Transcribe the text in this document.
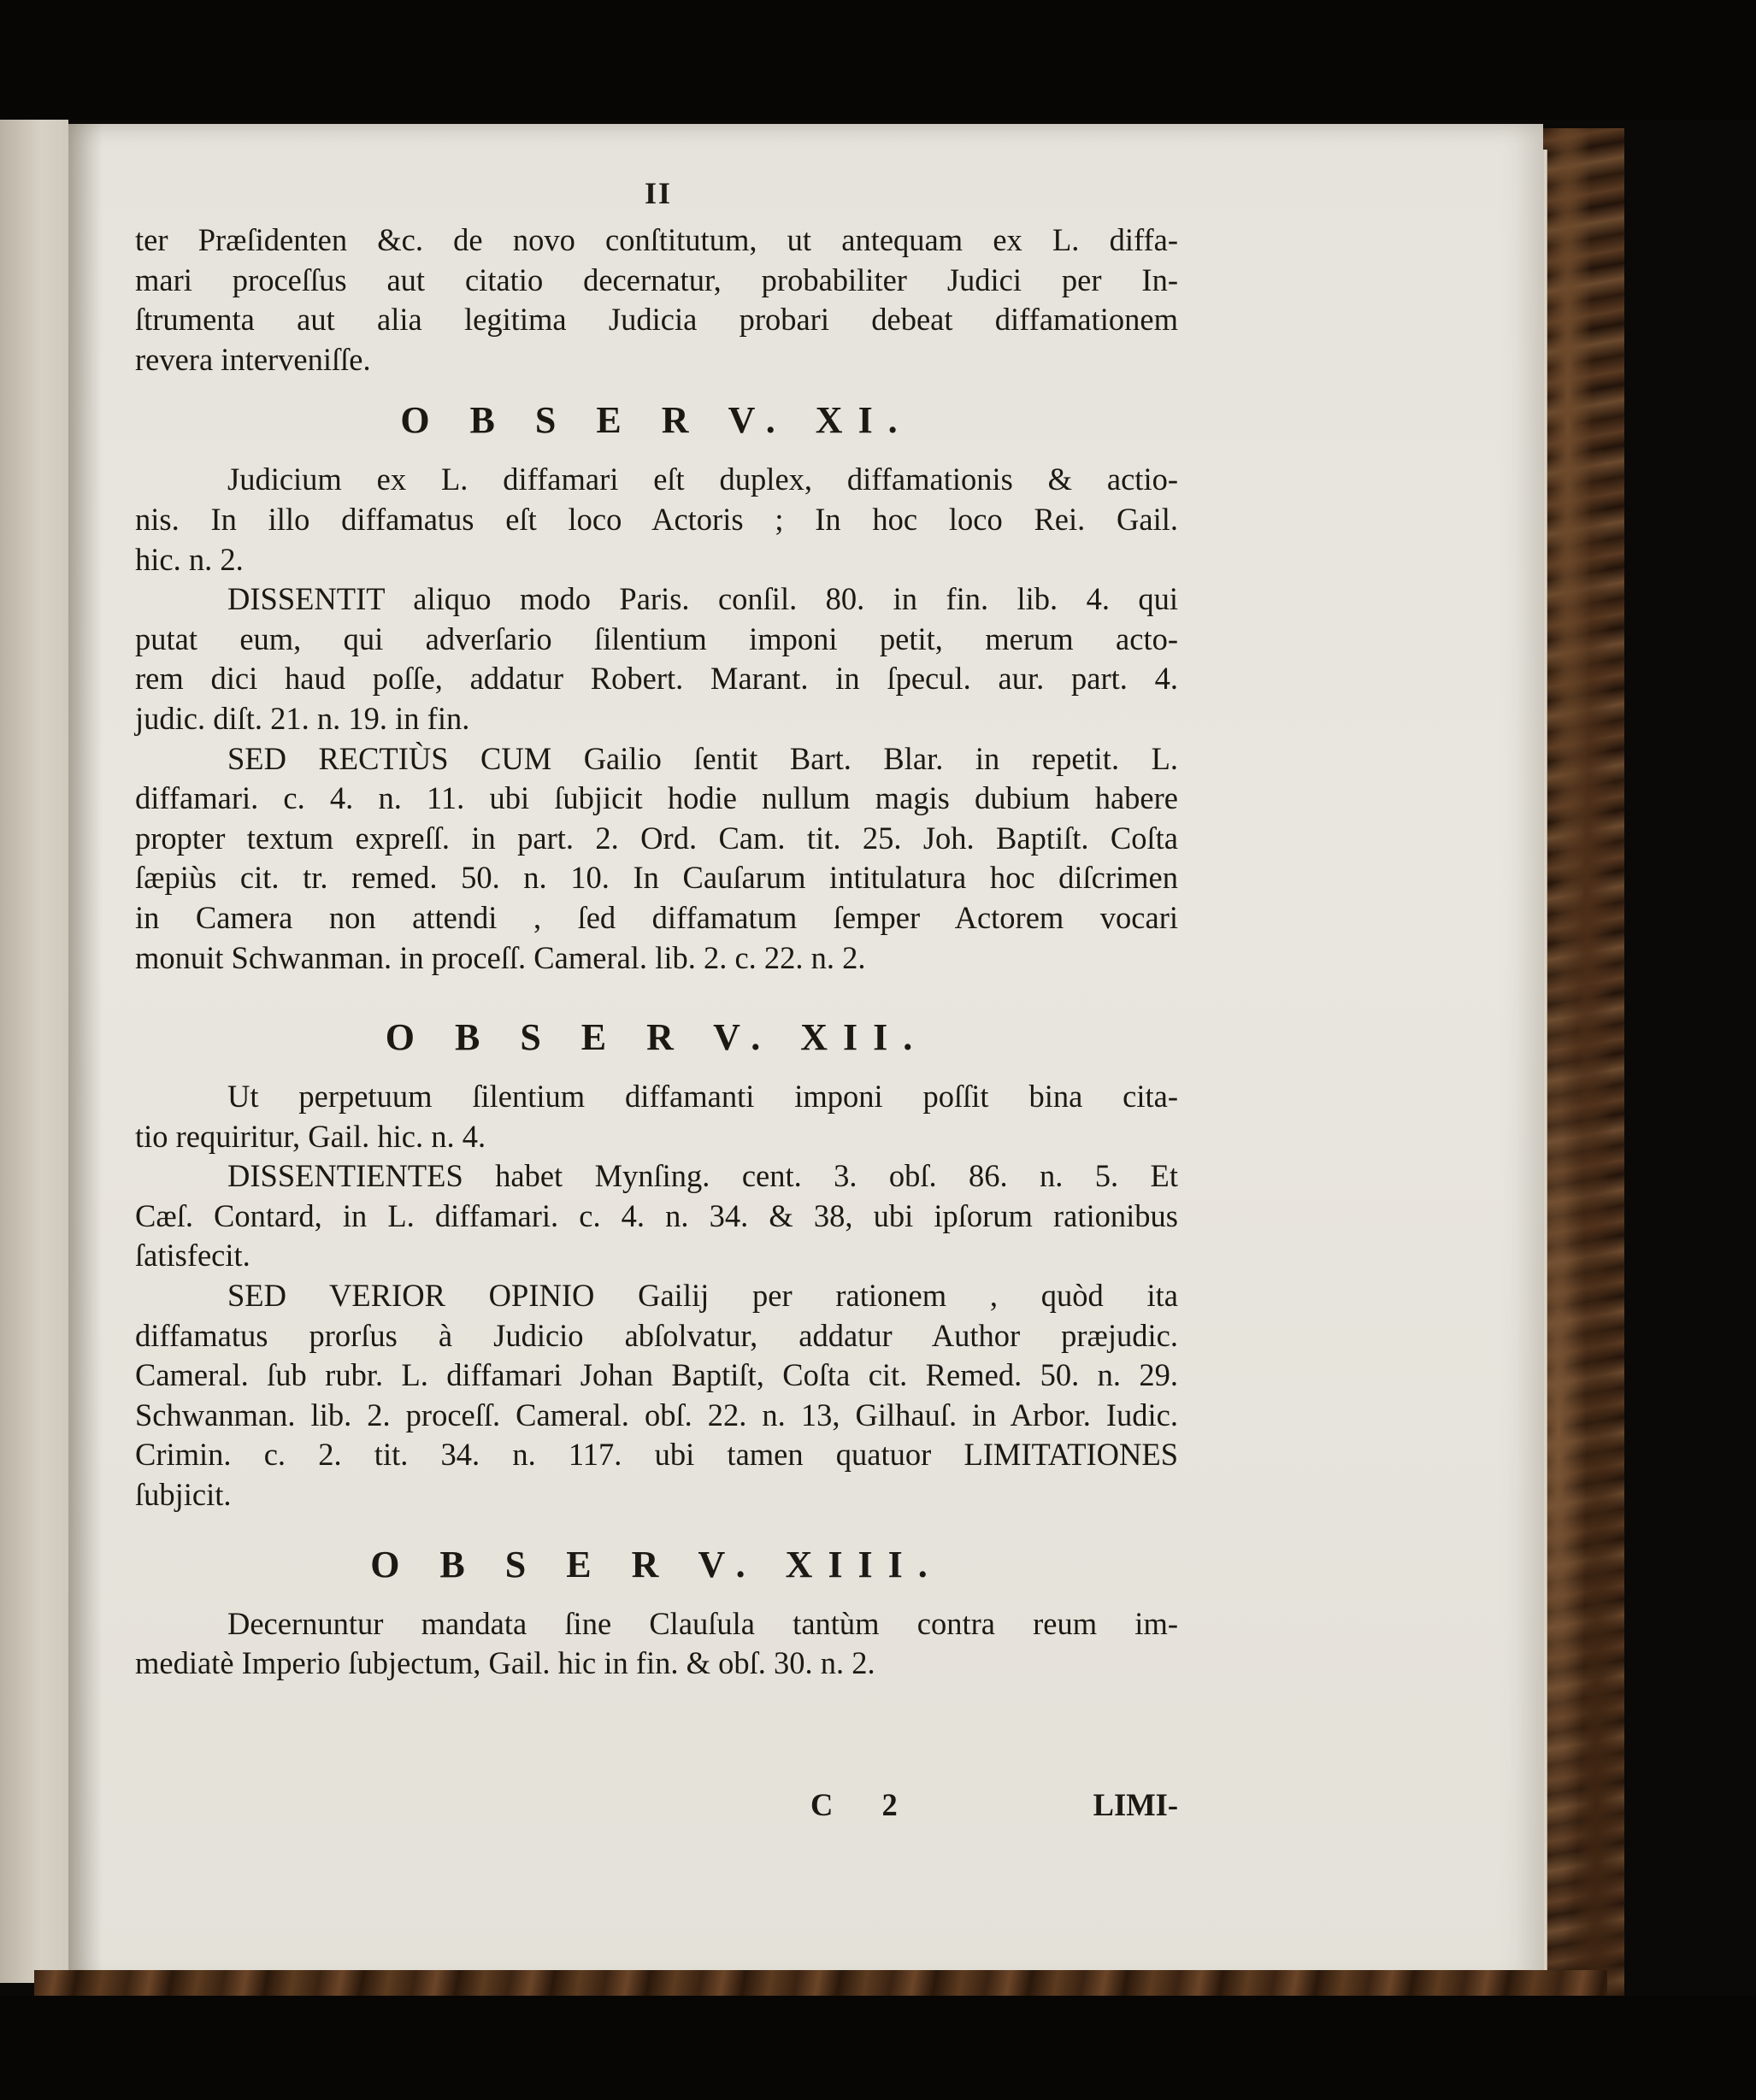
II
ter Præſidenten &c. de novo conſtitutum, ut antequam ex L. diffa-
mari proceſſus aut citatio decernatur, probabiliter Judici per In-
ſtrumenta aut alia legitima Judicia probari debeat diffamationem
revera interveniſſe.
O B S E R V. XI.
Judicium ex L. diffamari eſt duplex, diffamationis & actio-
nis. In illo diffamatus eſt loco Actoris ; In hoc loco Rei. Gail.
hic. n. 2.
DISSENTIT aliquo modo Paris. conſil. 80. in fin. lib. 4. qui
putat eum, qui adverſario ſilentium imponi petit, merum acto-
rem dici haud poſſe, addatur Robert. Marant. in ſpecul. aur. part. 4.
judic. diſt. 21. n. 19. in fin.
SED RECTIÙS CUM Gailio ſentit Bart. Blar. in repetit. L.
diffamari. c. 4. n. 11. ubi ſubjicit hodie nullum magis dubium habere
propter textum expreſſ. in part. 2. Ord. Cam. tit. 25. Joh. Baptiſt. Coſta
ſæpiùs cit. tr. remed. 50. n. 10. In Cauſarum intitulatura hoc diſcrimen
in Camera non attendi , ſed diffamatum ſemper Actorem vocari
monuit Schwanman. in proceſſ. Cameral. lib. 2. c. 22. n. 2.
O B S E R V. XII.
Ut perpetuum ſilentium diffamanti imponi poſſit bina cita-
tio requiritur, Gail. hic. n. 4.
DISSENTIENTES habet Mynſing. cent. 3. obſ. 86. n. 5. Et
Cæſ. Contard, in L. diffamari. c. 4. n. 34. & 38, ubi ipſorum rationibus
ſatisfecit.
SED VERIOR OPINIO Gailij per rationem , quòd ita
diffamatus prorſus à Judicio abſolvatur, addatur Author præjudic.
Cameral. ſub rubr. L. diffamari Johan Baptiſt, Coſta cit. Remed. 50. n. 29.
Schwanman. lib. 2. proceſſ. Cameral. obſ. 22. n. 13, Gilhauſ. in Arbor. Iudic.
Crimin. c. 2. tit. 34. n. 117. ubi tamen quatuor LIMITATIONES
ſubjicit.
O B S E R V. XIII.
Decernuntur mandata ſine Clauſula tantùm contra reum im-
mediatè Imperio ſubjectum, Gail. hic in fin. & obſ. 30. n. 2.
C 2	LIMI-
